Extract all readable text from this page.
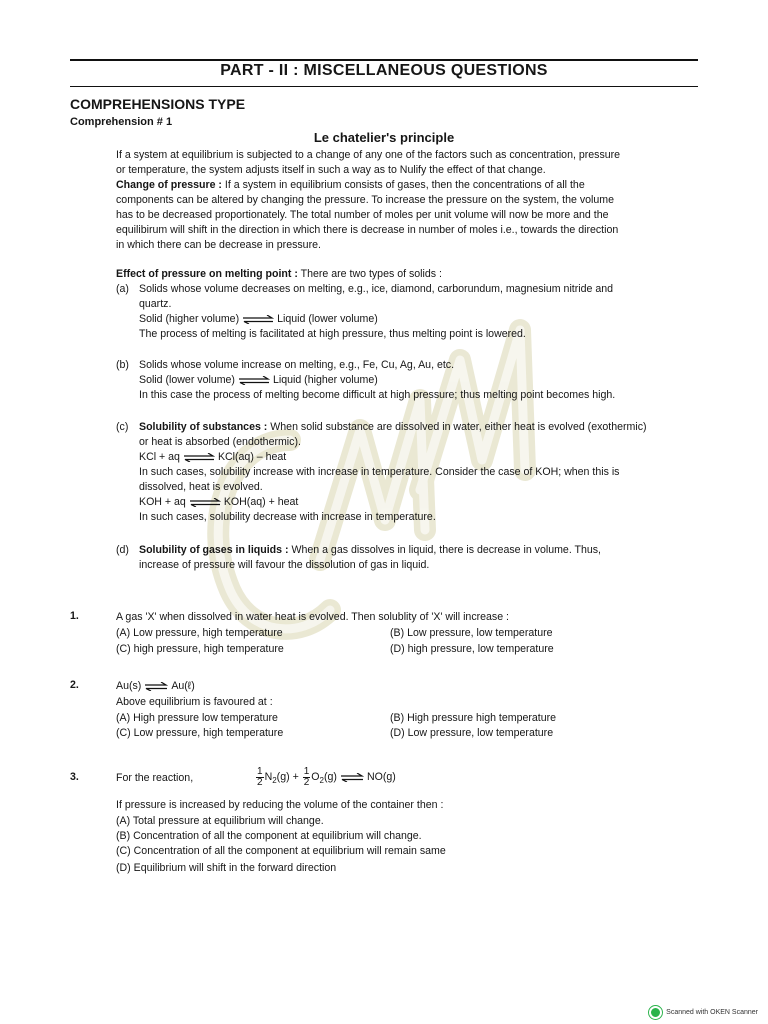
PART - II : MISCELLANEOUS QUESTIONS
COMPREHENSIONS TYPE
Comprehension # 1
Le chatelier's principle
If a system at equilibrium is subjected to a change of any one of the factors such as concentration, pressure
or temperature, the system adjusts itself in such a way as to Nulify the effect of that change.
Change of pressure : If a system in equilibrium consists of gases, then the concentrations of all the
components can be altered by changing the pressure. To increase the pressure on the system, the volume
has to be decreased proportionately. The total number of moles per unit volume will now be more and the
equilibirum will shift in the direction in which there is decrease in number of moles i.e., towards the direction
in which there can be decrease in pressure.
Effect of pressure on melting point : There are two types of solids :
(a) Solids whose volume decreases on melting, e.g., ice, diamond, carborundum, magnesium nitride and
quartz.
Solid (higher volume) ⇌ Liquid (lower volume)
The process of melting is facilitated at high pressure, thus melting point is lowered.
(b) Solids whose volume increase on melting, e.g., Fe, Cu, Ag, Au, etc.
Solid (lower volume) ⇌ Liquid (higher volume)
In this case the process of melting become difficult at high pressure; thus melting point becomes high.
(c) Solubility of substances : When solid substance are dissolved in water, either heat is evolved (exothermic)
or heat is absorbed (endothermic).
KCl + aq ⇌ KCl(aq) – heat
In such cases, solubility increase with increase in temperature. Consider the case of KOH; when this is
dissolved, heat is evolved.
KOH + aq ⇌ KOH(aq) + heat
In such cases, solubility decrease with increase in temperature.
(d) Solubility of gases in liquids : When a gas dissolves in liquid, there is decrease in volume. Thus,
increase of pressure will favour the dissolution of gas in liquid.
1.	A gas 'X' when dissolved in water heat is evolved. Then solublity of 'X' will increase :
(A) Low pressure, high temperature	(B) Low pressure, low temperature
(C) high pressure, high temperature	(D) high pressure, low temperature
2.	Au(s) ⇌ Au(ℓ)
Above equilibrium is favoured at :
(A) High pressure low temperature	(B) High pressure high temperature
(C) Low pressure, high temperature	(D) Low pressure, low temperature
3.	For the reaction,	$\frac{1}{2} N_2(g) + \frac{1}{2} O_2(g)$ ⇌ NO(g)
If pressure is increased by reducing the volume of the container then :
(A) Total pressure at equilibrium will change.
(B) Concentration of all the component at equilibrium will change.
(C) Concentration of all the component at equilibrium will remain same
(D) Equilibrium will shift in the forward direction
Scanned with OKEN Scanner
